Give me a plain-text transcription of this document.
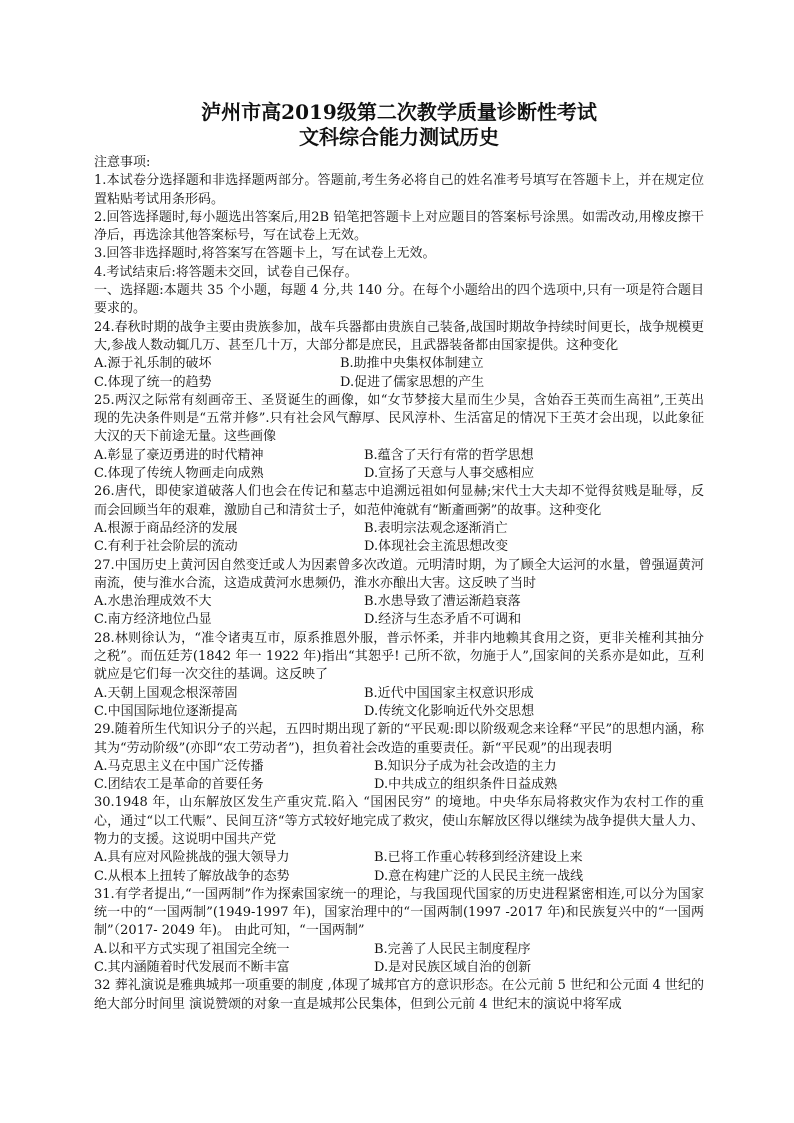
泸州市高2019级第二次教学质量诊断性考试
文科综合能力测试历史
注意事项:
1.本试卷分选择题和非选择题两部分。答题前,考生务必将自己的姓名准考号填写在答题卡上，并在规定位置粘贴考试用条形码。
2.回答选择题时,每小题选出答案后,用2B 铅笔把答题卡上对应题目的答案标号涂黑。如需改动,用橡皮擦干净后，再选涂其他答案标号，写在试卷上无效。
3.回答非选择题时,将答案写在答题卡上，写在试卷上无效。
4.考试结束后:将答题未交回，试卷自己保存。
一、选择题:本题共 35 个小题，每题 4 分,共 140 分。在每个小题给出的四个选项中,只有一项是符合题目要求的。
24.春秋时期的战争主要由贵族参加，战车兵器都由贵族自己装备,战国时期故争持续时间更长，战争规模更大,参战人数动辄几万、甚至几十万，大部分都是庶民，且武器装备都由国家提供。这种变化
A.源于礼乐制的破坏	B.助推中央集权体制建立
C.体现了统一的趋势	D.促进了儒家思想的产生
25.两汉之际常有刻画帝王、圣贤诞生的画像，如“女节梦接大星而生少昊，含始吞王英而生高祖”,王英出现的先决条件则是“五常并修”.只有社会风气醇厚、民风淳朴、生活富足的情况下王英才会出现，以此象征大汉的天下前途无量。这些画像
A.彰显了豪迈勇进的时代精神	B.蕴含了天行有常的哲学思想
C.体现了传统人物画走向成熟	D.宣扬了天意与人事交感相应
26.唐代，即使家道破落人们也会在传记和墓志中追溯远祖如何显赫;宋代士大夫却不觉得贫贱是耻辱，反而会回顾当年的艰难，激励自己和清贫士子，如范仲淹就有“断齑画粥”的故事。这种变化
A.根源于商品经济的发展	B.表明宗法观念逐渐消亡
C.有利于社会阶层的流动	D.体现社会主流思想改变
27.中国历史上黄河因自然变迁或人为因素曾多次改道。元明清时期，为了顾全大运河的水量，曾强逼黄河南流，使与淮水合流，这造成黄河水患频仍，淮水亦酿出大害。这反映了当时
A.水患治理成效不大	B.水患导致了漕运渐趋衰落
C.南方经济地位凸显	D.经济与生态矛盾不可调和
28.林则徐认为，“准令诸夷互市，原系推恩外服，普示怀柔，并非内地赖其食用之资，更非关榷利其抽分之税”。而伍廷芳(1842 年一 1922 年)指出“其恕乎! 己所不欲，勿施于人”,国家间的关系亦是如此，互利就应是它们每一次交往的基调。这反映了
A.天朝上国观念根深蒂固	B.近代中国国家主权意识形成
C.中国国际地位逐渐提高	D.传统文化影响近代外交思想
29.随着所生代知识分子的兴起，五四时期出现了新的“平民观:即以阶级观念来诠释“平民”的思想内涵，称其为“劳动阶级”(亦即“农工劳动者”)，担负着社会改造的重要责任。新“平民观”的出现表明
A.马克思主义在中国广泛传播	B.知识分子成为社会改造的主力
C.团结农工是革命的首要任务	D.中共成立的组织条件日益成熟
30.1948 年，山东解放区发生产重灾荒.陷入 “国困民穷” 的境地。中央华东局将救灾作为农村工作的重心，通过“以工代赈”、民间互济“等方式较好地完成了救灾，使山东解放区得以继续为战争提供大量人力、物力的支援。这说明中国共产党
A.具有应对风险挑战的强大领导力	B.已将工作重心转移到经济建设上来
C.从根本上扭转了解放战争的态势	D.意在构建广泛的人民民主统一战线
31.有学者提出,“一国两制”作为探索国家统一的理论，与我国现代国家的历史进程紧密相连,可以分为国家统一中的“一国两制”(1949-1997 年)，国家治理中的“一国两制(1997 -2017 年)和民族复兴中的“一国两制”（2017- 2049 年)。 由此可知，“一国两制”
A.以和平方式实现了祖国完全统一	B.完善了人民民主制度程序
C.其内涵随着时代发展而不断丰富	D.是对民族区域自治的创新
32 葬礼演说是雅典城邦一项重要的制度 ,体现了城邦官方的意识形态。在公元前 5 世纪和公元面 4 世纪的绝大部分时间里 演说赞颂的对象一直是城邦公民集体，但到公元前 4 世纪末的演说中将军成
